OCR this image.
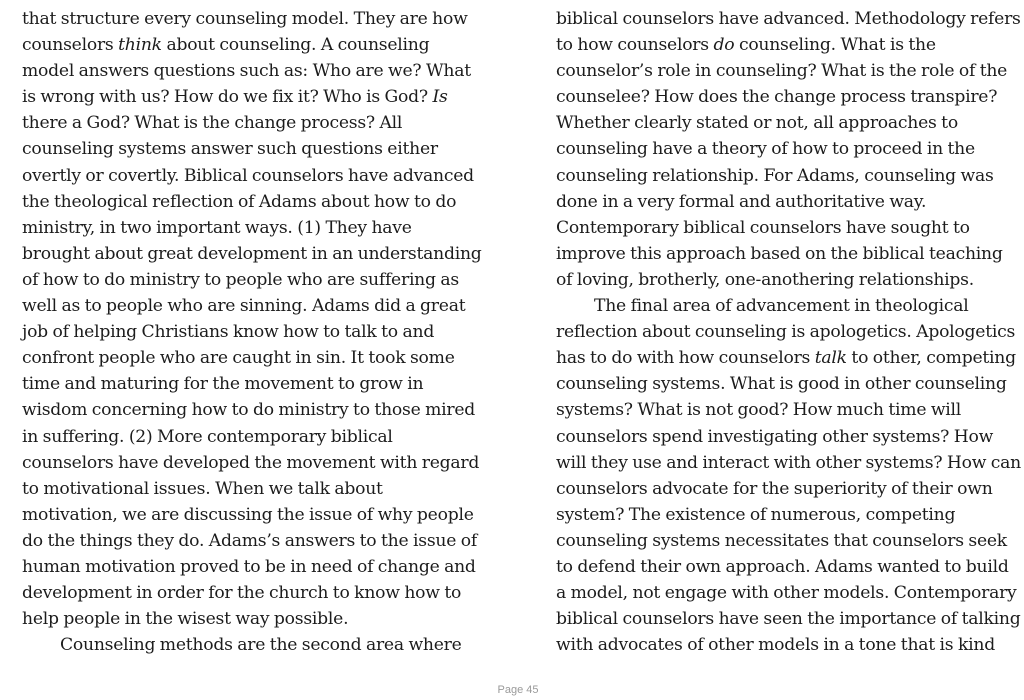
that structure every counseling model. They are how
counselors think about counseling. A counseling
model answers questions such as: Who are we? What
is wrong with us? How do we fix it? Who is God? Is
there a God? What is the change process? All
counseling systems answer such questions either
overtly or covertly. Biblical counselors have advanced
the theological reflection of Adams about how to do
ministry, in two important ways. (1) They have
brought about great development in an understanding
of how to do ministry to people who are suffering as
well as to people who are sinning. Adams did a great
job of helping Christians know how to talk to and
confront people who are caught in sin. It took some
time and maturing for the movement to grow in
wisdom concerning how to do ministry to those mired
in suffering. (2) More contemporary biblical
counselors have developed the movement with regard
to motivational issues. When we talk about
motivation, we are discussing the issue of why people
do the things they do. Adams’s answers to the issue of
human motivation proved to be in need of change and
development in order for the church to know how to
help people in the wisest way possible.
Counseling methods are the second area where
biblical counselors have advanced. Methodology refers
to how counselors do counseling. What is the
counselor’s role in counseling? What is the role of the
counselee? How does the change process transpire?
Whether clearly stated or not, all approaches to
counseling have a theory of how to proceed in the
counseling relationship. For Adams, counseling was
done in a very formal and authoritative way.
Contemporary biblical counselors have sought to
improve this approach based on the biblical teaching
of loving, brotherly, one-anothering relationships.
The final area of advancement in theological
reflection about counseling is apologetics. Apologetics
has to do with how counselors talk to other, competing
counseling systems. What is good in other counseling
systems? What is not good? How much time will
counselors spend investigating other systems? How
will they use and interact with other systems? How can
counselors advocate for the superiority of their own
system? The existence of numerous, competing
counseling systems necessitates that counselors seek
to defend their own approach. Adams wanted to build
a model, not engage with other models. Contemporary
biblical counselors have seen the importance of talking
with advocates of other models in a tone that is kind
Page 45
